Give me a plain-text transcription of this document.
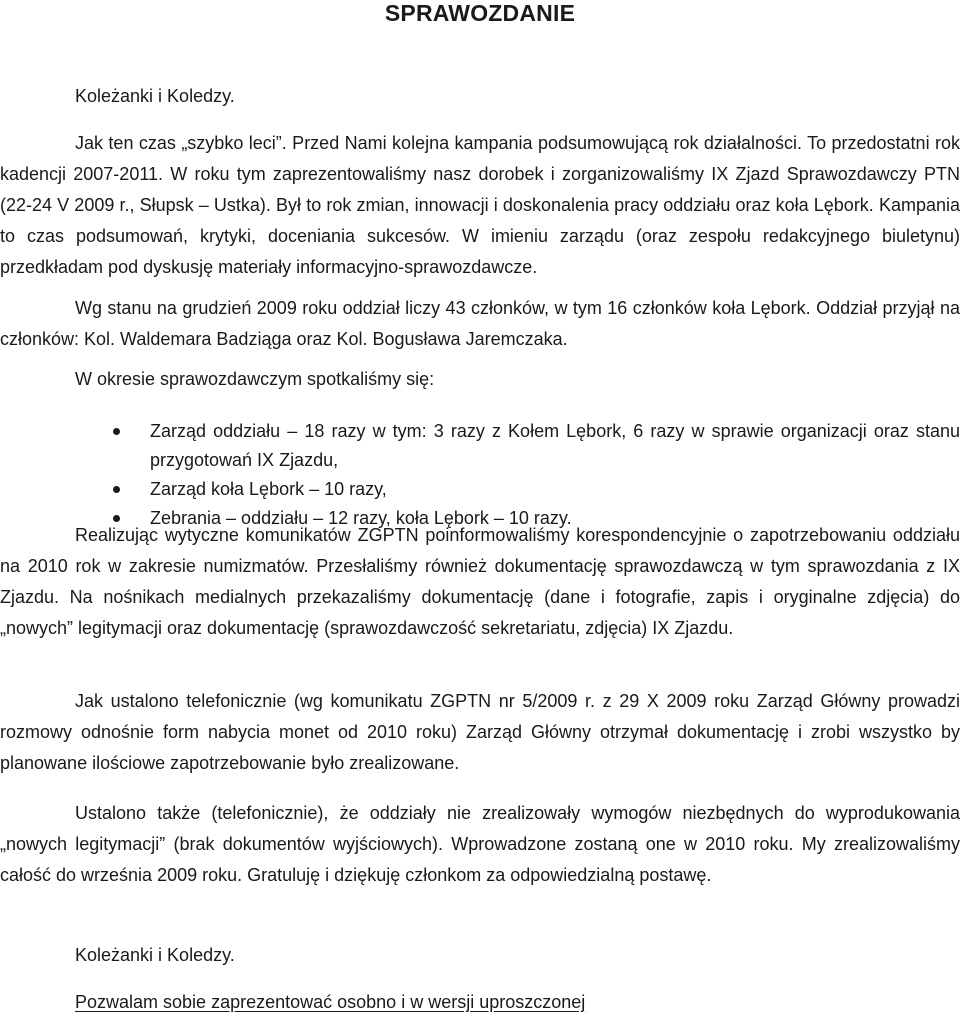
SPRAWOZDANIE
Koleżanki i Koledzy.
Jak ten czas „szybko leci”. Przed Nami kolejna kampania podsumowującą rok działalności. To przedostatni rok kadencji 2007-2011. W roku tym zaprezentowaliśmy nasz dorobek i zorganizowaliśmy IX Zjazd Sprawozdawczy PTN (22-24 V 2009 r., Słupsk – Ustka). Był to rok zmian, innowacji i doskonalenia pracy oddziału oraz koła Lębork. Kampania to czas podsumowań, krytyki, doceniania sukcesów. W imieniu zarządu (oraz zespołu redakcyjnego biuletynu) przedkładam pod dyskusję materiały informacyjno-sprawozdawcze.
Wg stanu na grudzień 2009 roku oddział liczy 43 członków, w tym 16 członków koła Lębork. Oddział przyjął na członków: Kol. Waldemara Badziąga oraz Kol. Bogusława Jaremczaka.
W okresie sprawozdawczym spotkaliśmy się:
Zarząd oddziału – 18 razy w tym: 3 razy z Kołem Lębork, 6 razy w sprawie organizacji oraz stanu przygotowań IX Zjazdu,
Zarząd koła Lębork – 10 razy,
Zebrania – oddziału – 12 razy, koła Lębork – 10 razy.
Realizując wytyczne komunikatów ZGPTN poinformowaliśmy korespondencyjnie o zapotrzebowaniu oddziału na 2010 rok w zakresie numizmatów. Przesłaliśmy również dokumentację sprawozdawczą w tym sprawozdania z IX Zjazdu. Na nośnikach medialnych przekazaliśmy dokumentację (dane i fotografie, zapis i oryginalne zdjęcia) do „nowych” legitymacji oraz dokumentację (sprawozdawczość sekretariatu, zdjęcia) IX Zjazdu.
Jak ustalono telefonicznie (wg komunikatu ZGPTN nr 5/2009 r. z 29 X 2009 roku Zarząd Główny prowadzi rozmowy odnośnie form nabycia monet od 2010 roku) Zarząd Główny otrzymał dokumentację i zrobi wszystko by planowane ilościowe zapotrzebowanie było zrealizowane.
Ustalono także (telefonicznie), że oddziały nie zrealizowały wymogów niezbędnych do wyprodukowania „nowych legitymacji” (brak dokumentów wyjściowych). Wprowadzone zostaną one w 2010 roku. My zrealizowaliśmy całość do września 2009 roku. Gratuluję i dziękuję członkom za odpowiedzialną postawę.
Koleżanki i Koledzy.
Pozwalam sobie zaprezentować osobno i w wersji uproszczonej
